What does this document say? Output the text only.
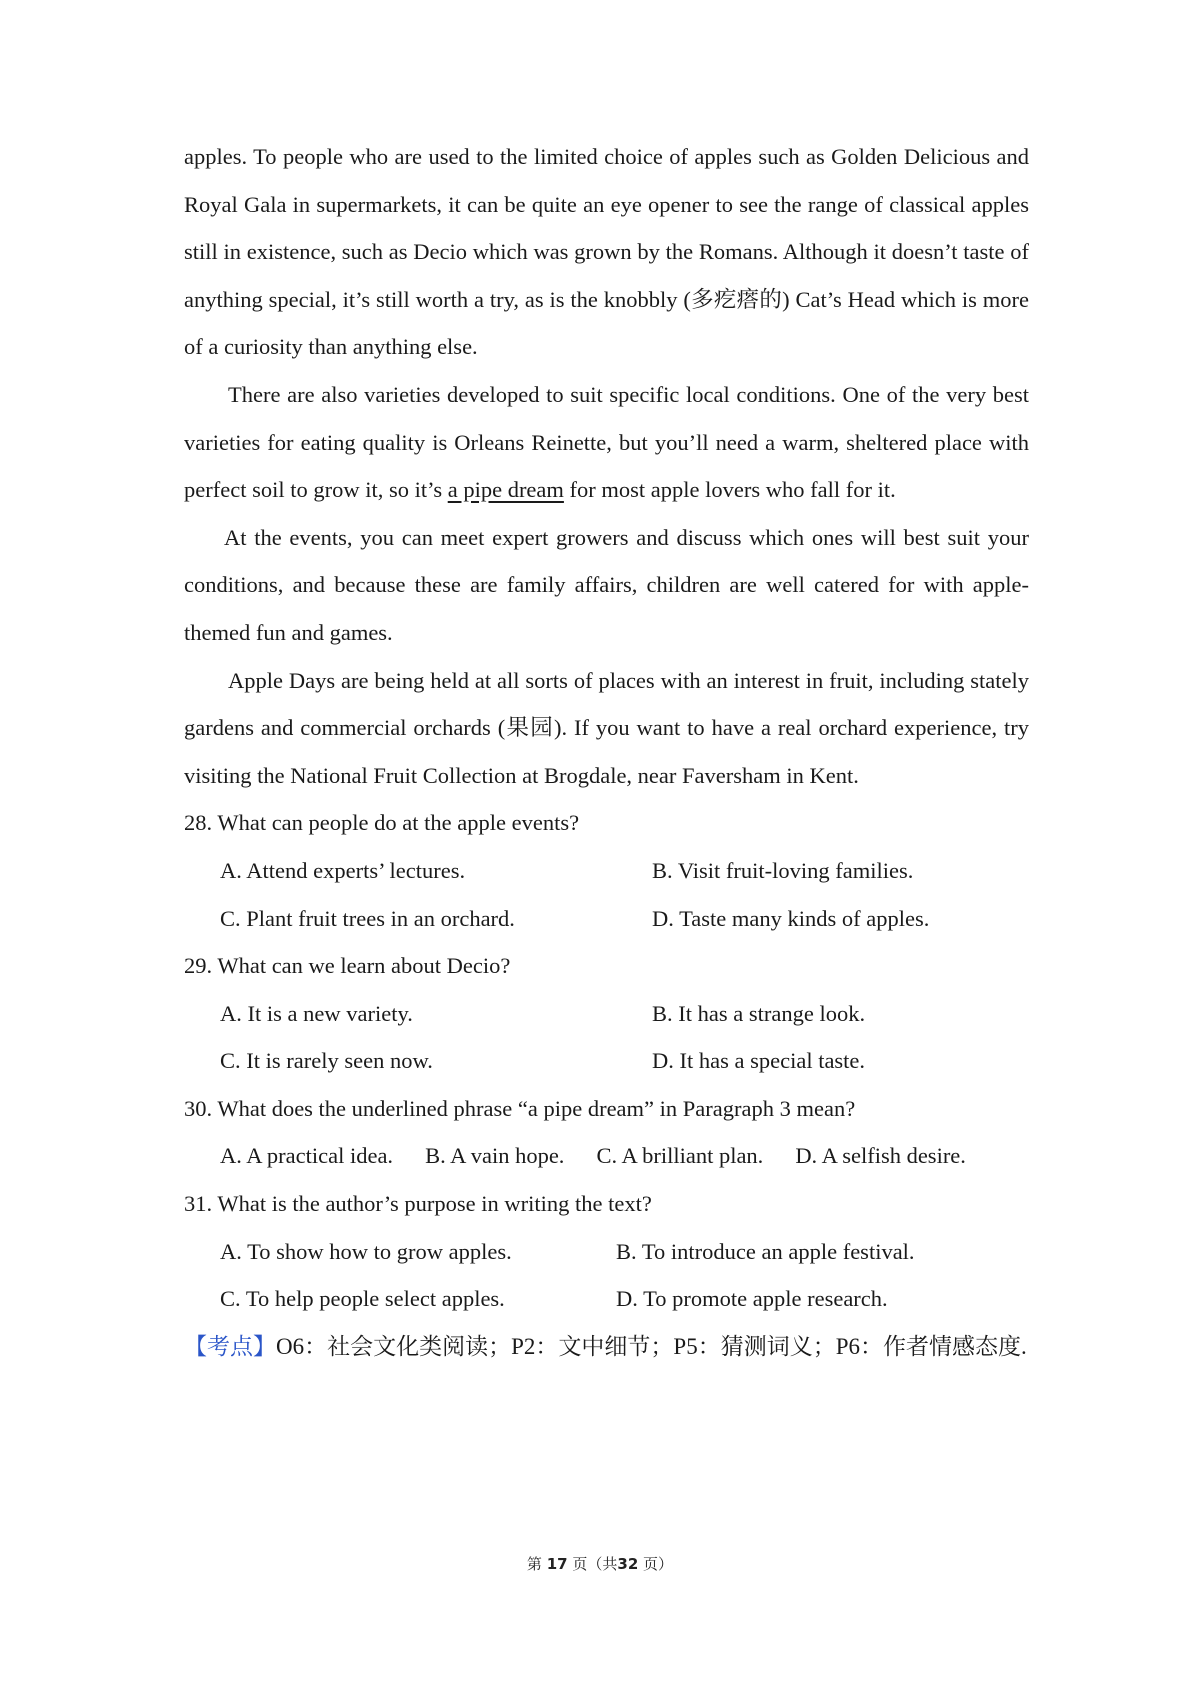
apples. To people who are used to the limited choice of apples such as Golden Delicious and Royal Gala in supermarkets, it can be quite an eye opener to see the range of classical apples still in existence, such as Decio which was grown by the Romans. Although it doesn’t taste of anything special, it’s still worth a try, as is the knobbly (多疙瘩的) Cat’s Head which is more of a curiosity than anything else.

There are also varieties developed to suit specific local conditions. One of the very best varieties for eating quality is Orleans Reinette, but you’ll need a warm, sheltered place with perfect soil to grow it, so it’s a pipe dream for most apple lovers who fall for it.

At the events, you can meet expert growers and discuss which ones will best suit your conditions, and because these are family affairs, children are well catered for with apple-themed fun and games.

Apple Days are being held at all sorts of places with an interest in fruit, including stately gardens and commercial orchards (果园). If you want to have a real orchard experience, try visiting the National Fruit Collection at Brogdale, near Faversham in Kent.

28. What can people do at the apple events?

A. Attend experts’ lectures.	B. Visit fruit-loving families.
C. Plant fruit trees in an orchard.	D. Taste many kinds of apples.

29. What can we learn about Decio?

A. It is a new variety.	B. It has a strange look.
C. It is rarely seen now.	D. It has a special taste.

30. What does the underlined phrase “a pipe dream” in Paragraph 3 mean?

A. A practical idea. B. A vain hope. C. A brilliant plan. D. A selfish desire.

31. What is the author’s purpose in writing the text?

A. To show how to grow apples.	B. To introduce an apple festival.
C. To help people select apples.	D. To promote apple research.

【考点】O6：社会文化类阅读；P2：文中细节；P5：猜测词义；P6：作者情感态度.

第 17 页（共32 页）
